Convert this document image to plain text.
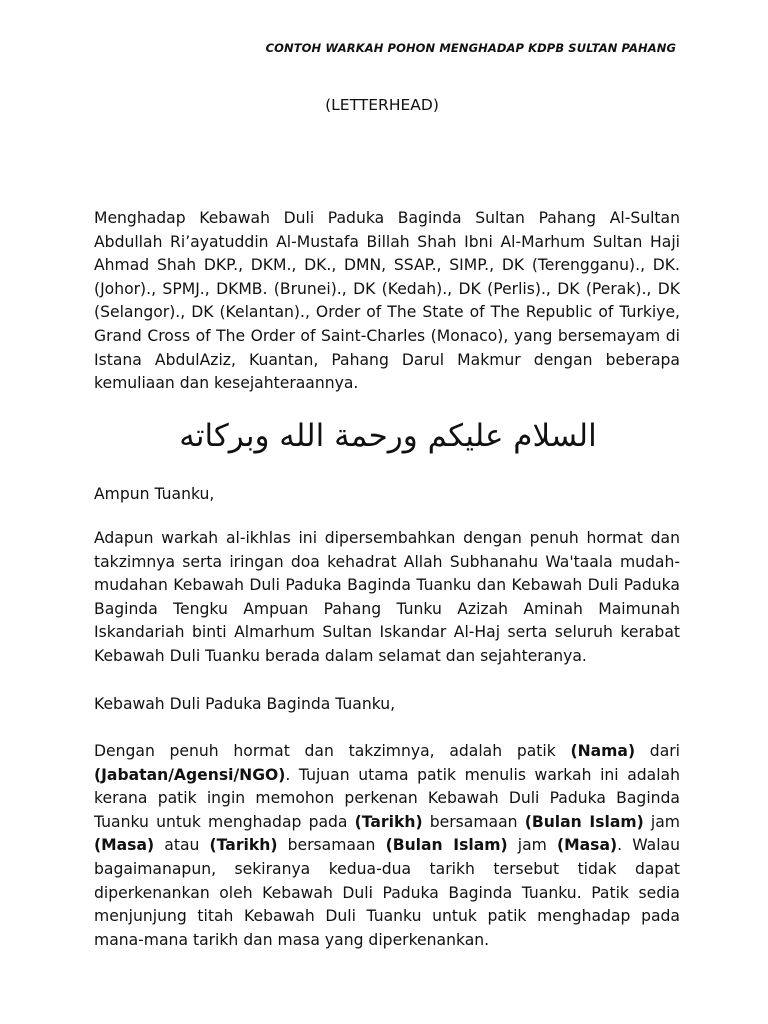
CONTOH WARKAH POHON MENGHADAP KDPB SULTAN PAHANG
(LETTERHEAD)
Menghadap Kebawah Duli Paduka Baginda Sultan Pahang Al-Sultan Abdullah Ri’ayatuddin Al-Mustafa Billah Shah Ibni Al-Marhum Sultan Haji Ahmad Shah DKP., DKM., DK., DMN, SSAP., SIMP., DK (Terengganu)., DK. (Johor)., SPMJ., DKMB. (Brunei)., DK (Kedah)., DK (Perlis)., DK (Perak)., DK (Selangor)., DK (Kelantan)., Order of The State of The Republic of Turkiye, Grand Cross of The Order of Saint-Charles (Monaco), yang bersemayam di Istana AbdulAziz, Kuantan, Pahang Darul Makmur dengan beberapa kemuliaan dan kesejahteraannya.
السلام عليكم ورحمة الله وبركاته
Ampun Tuanku,
Adapun warkah al-ikhlas ini dipersembahkan dengan penuh hormat dan takzimnya serta iringan doa kehadrat Allah Subhanahu Wa'taala mudah-mudahan Kebawah Duli Paduka Baginda Tuanku dan Kebawah Duli Paduka Baginda Tengku Ampuan Pahang Tunku Azizah Aminah Maimunah Iskandariah binti Almarhum Sultan Iskandar Al-Haj serta seluruh kerabat Kebawah Duli Tuanku berada dalam selamat dan sejahteranya.
Kebawah Duli Paduka Baginda Tuanku,
Dengan penuh hormat dan takzimnya, adalah patik (Nama) dari (Jabatan/Agensi/NGO). Tujuan utama patik menulis warkah ini adalah kerana patik ingin memohon perkenan Kebawah Duli Paduka Baginda Tuanku untuk menghadap pada (Tarikh) bersamaan (Bulan Islam) jam (Masa) atau (Tarikh) bersamaan (Bulan Islam) jam (Masa). Walau bagaimanapun, sekiranya kedua-dua tarikh tersebut tidak dapat diperkenankan oleh Kebawah Duli Paduka Baginda Tuanku. Patik sedia menjunjung titah Kebawah Duli Tuanku untuk patik menghadap pada mana-mana tarikh dan masa yang diperkenankan.
